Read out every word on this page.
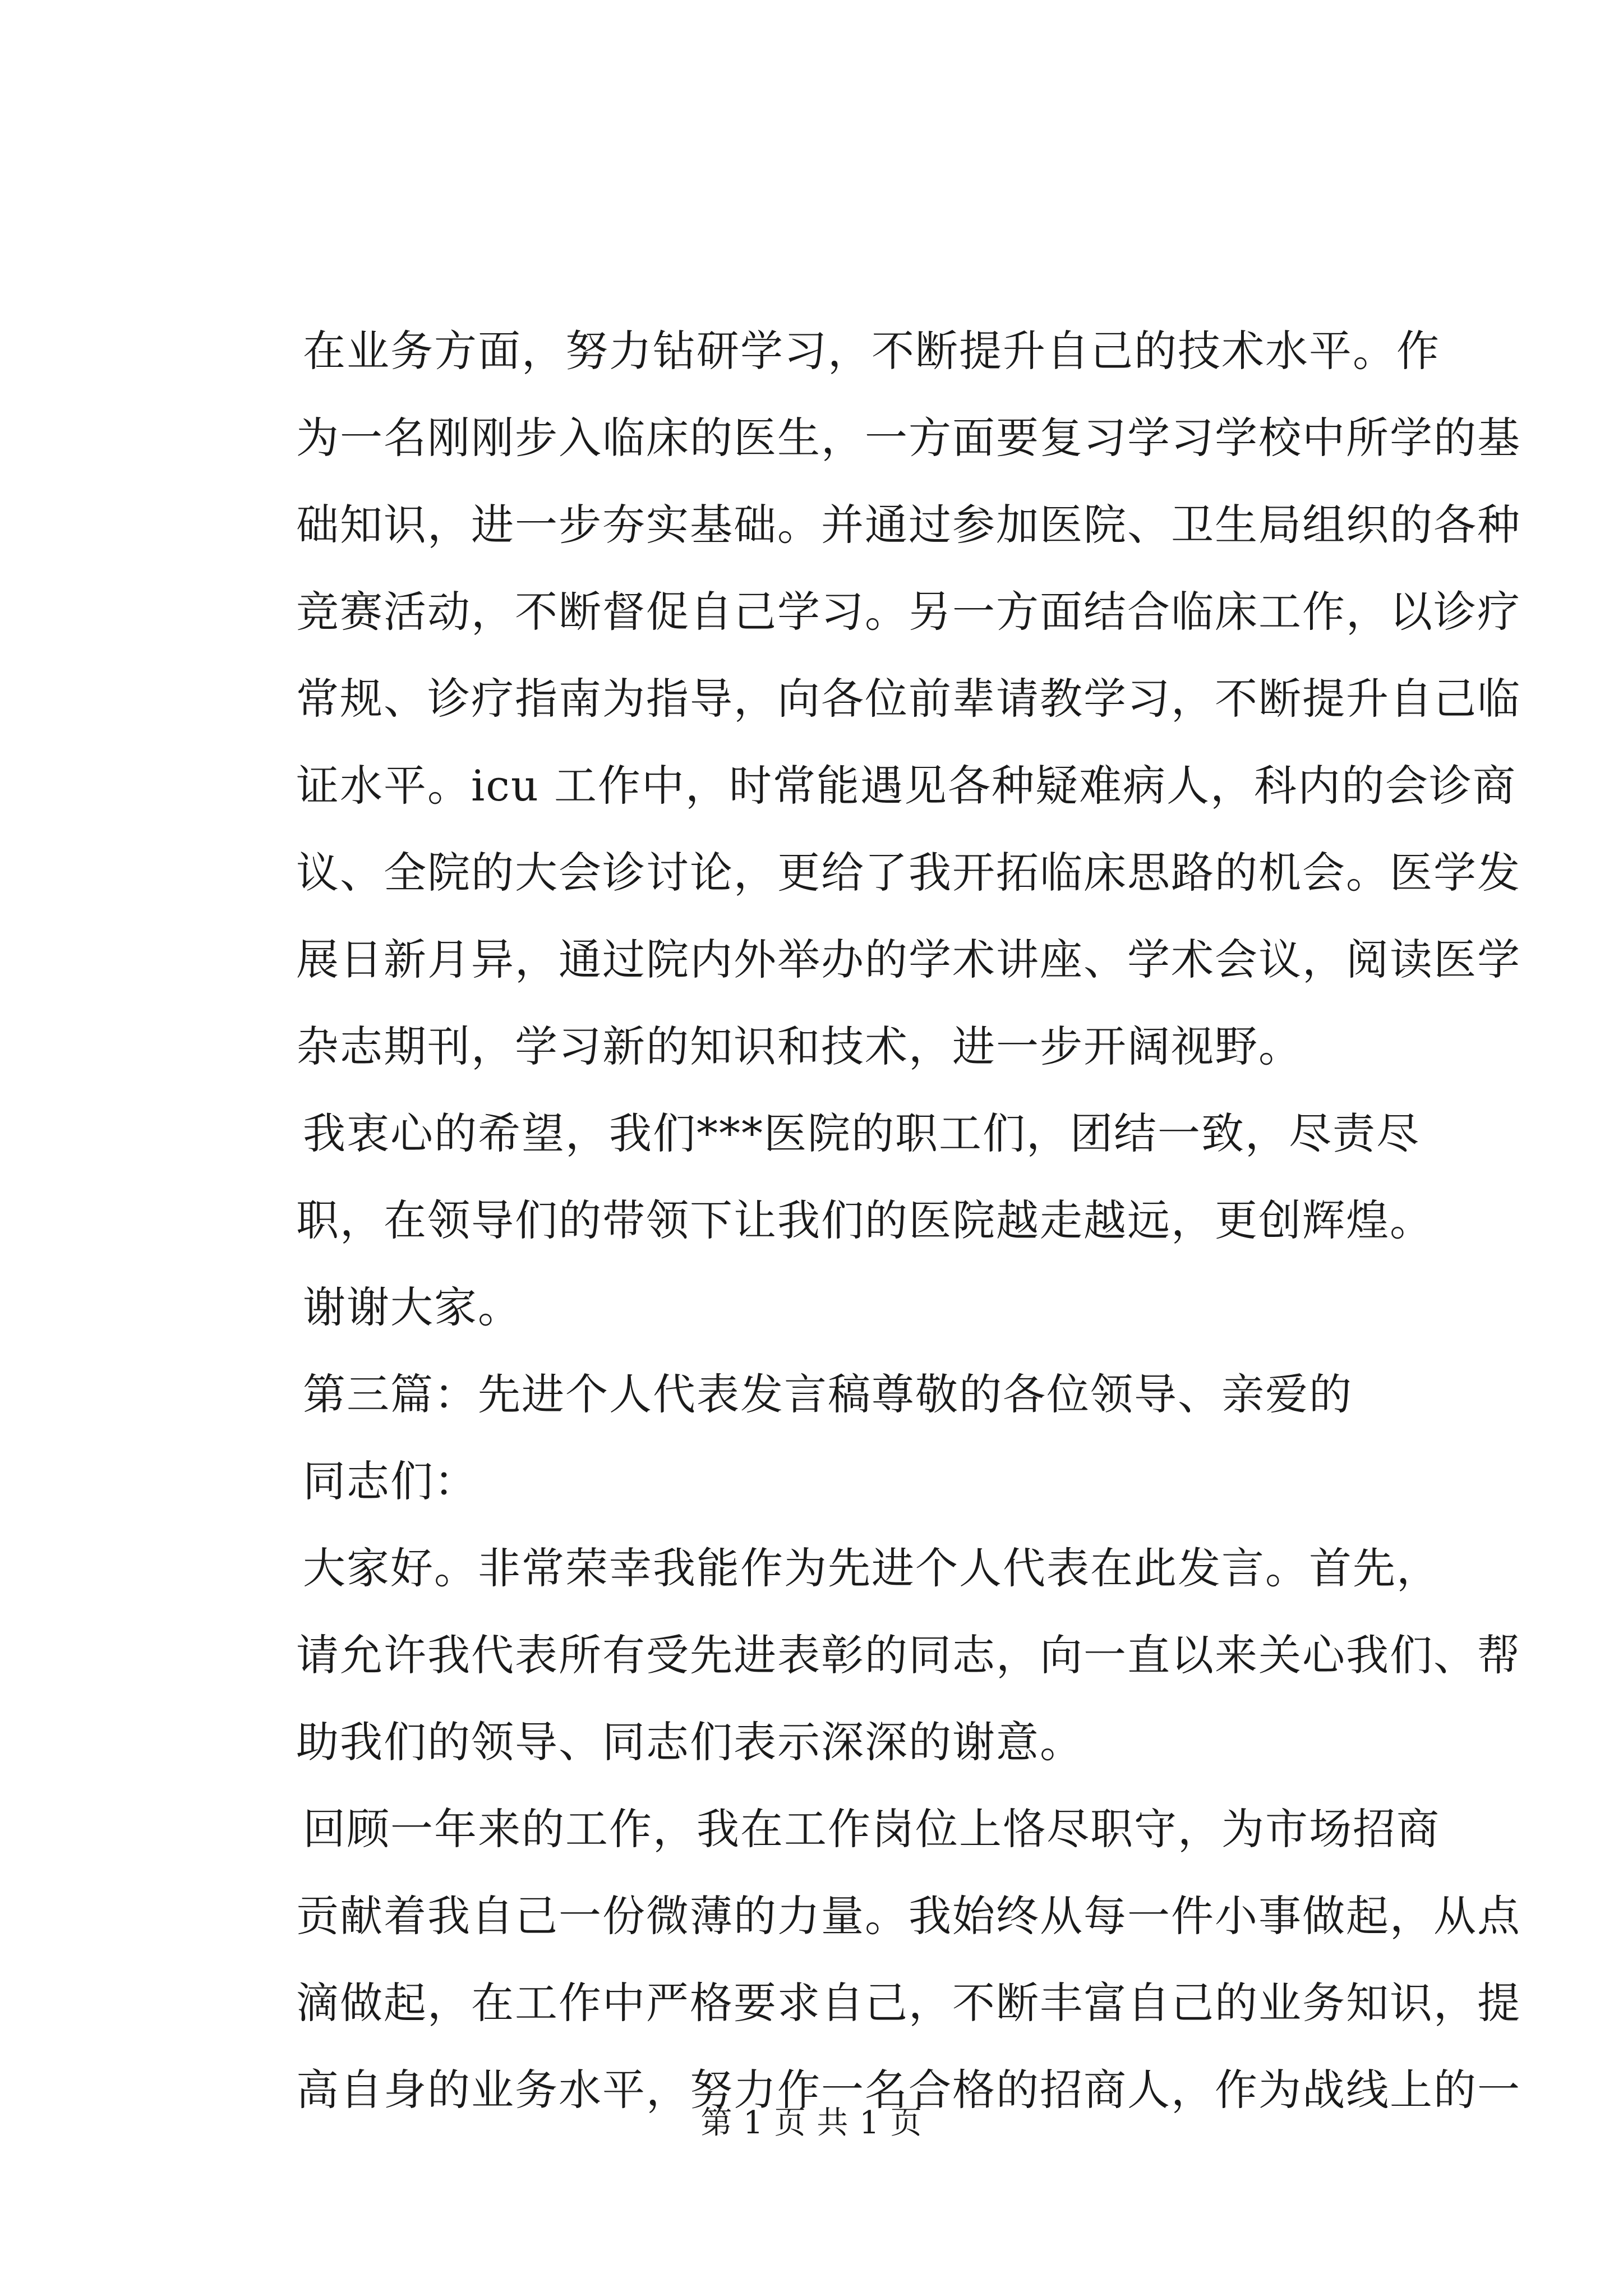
在业务方面，努力钻研学习，不断提升自己的技术水平。作

为一名刚刚步入临床的医生，一方面要复习学习学校中所学的基

础知识，进一步夯实基础。并通过参加医院、卫生局组织的各种

竞赛活动，不断督促自己学习。另一方面结合临床工作，以诊疗

常规、诊疗指南为指导，向各位前辈请教学习，不断提升自己临

证水平。icu 工作中，时常能遇见各种疑难病人，科内的会诊商

议、全院的大会诊讨论，更给了我开拓临床思路的机会。医学发

展日新月异，通过院内外举办的学术讲座、学术会议，阅读医学

杂志期刊，学习新的知识和技术，进一步开阔视野。

我衷心的希望，我们***医院的职工们，团结一致，尽责尽

职，在领导们的带领下让我们的医院越走越远，更创辉煌。

谢谢大家。

第三篇：先进个人代表发言稿尊敬的各位领导、亲爱的

同志们：

大家好。非常荣幸我能作为先进个人代表在此发言。首先，

请允许我代表所有受先进表彰的同志，向一直以来关心我们、帮

助我们的领导、同志们表示深深的谢意。

回顾一年来的工作，我在工作岗位上恪尽职守，为市场招商

贡献着我自己一份微薄的力量。我始终从每一件小事做起，从点

滴做起，在工作中严格要求自己，不断丰富自己的业务知识，提

高自身的业务水平，努力作一名合格的招商人，作为战线上的一

第 1 页 共 1 页
